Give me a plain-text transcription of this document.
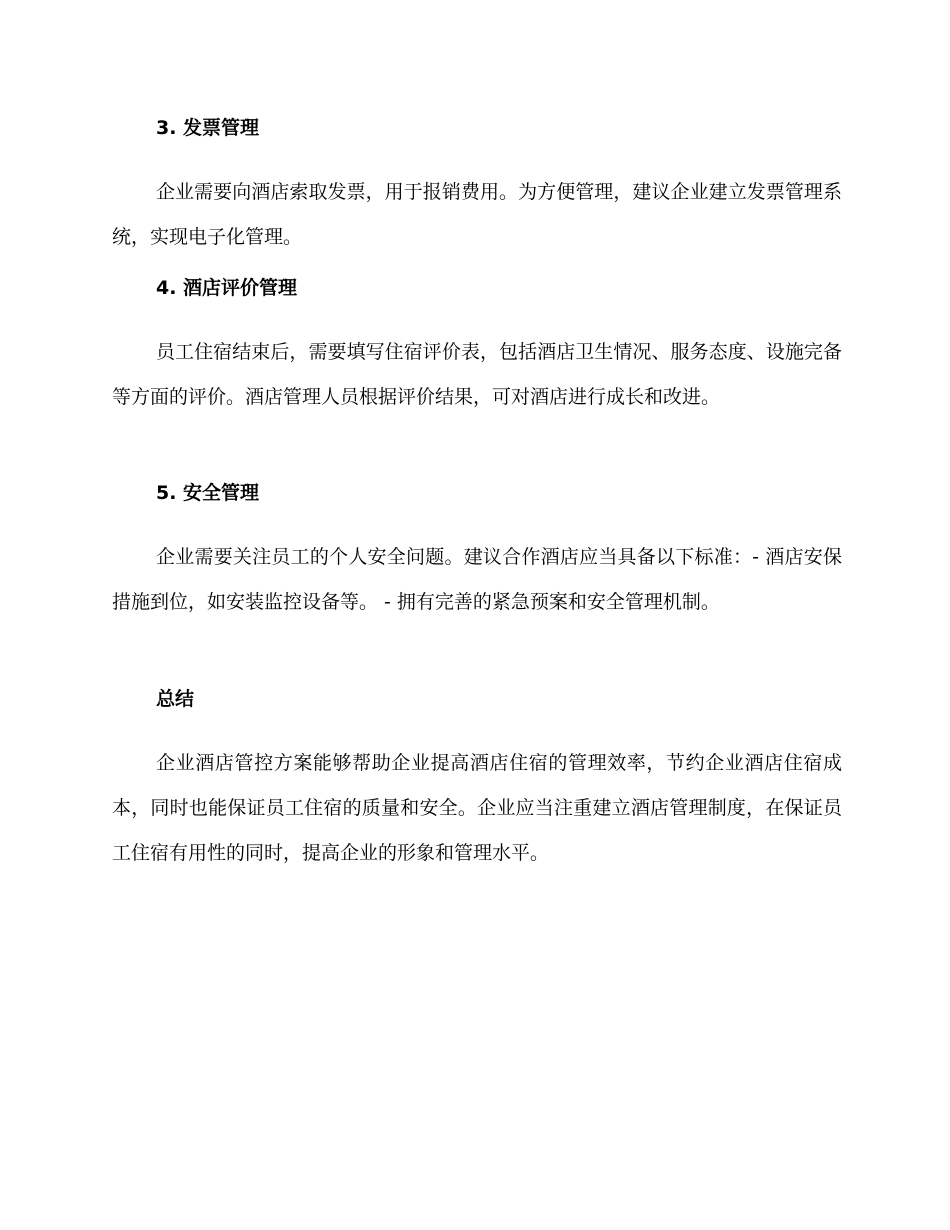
3. 发票管理

企业需要向酒店索取发票，用于报销费用。为方便管理，建议企业建立发票管理系统，实现电子化管理。

4. 酒店评价管理

员工住宿结束后，需要填写住宿评价表，包括酒店卫生情况、服务态度、设施完备等方面的评价。酒店管理人员根据评价结果，可对酒店进行成长和改进。

5. 安全管理

企业需要关注员工的个人安全问题。建议合作酒店应当具备以下标准：- 酒店安保措施到位，如安装监控设备等。 - 拥有完善的紧急预案和安全管理机制。

总结

企业酒店管控方案能够帮助企业提高酒店住宿的管理效率，节约企业酒店住宿成本，同时也能保证员工住宿的质量和安全。企业应当注重建立酒店管理制度，在保证员工住宿有用性的同时，提高企业的形象和管理水平。
